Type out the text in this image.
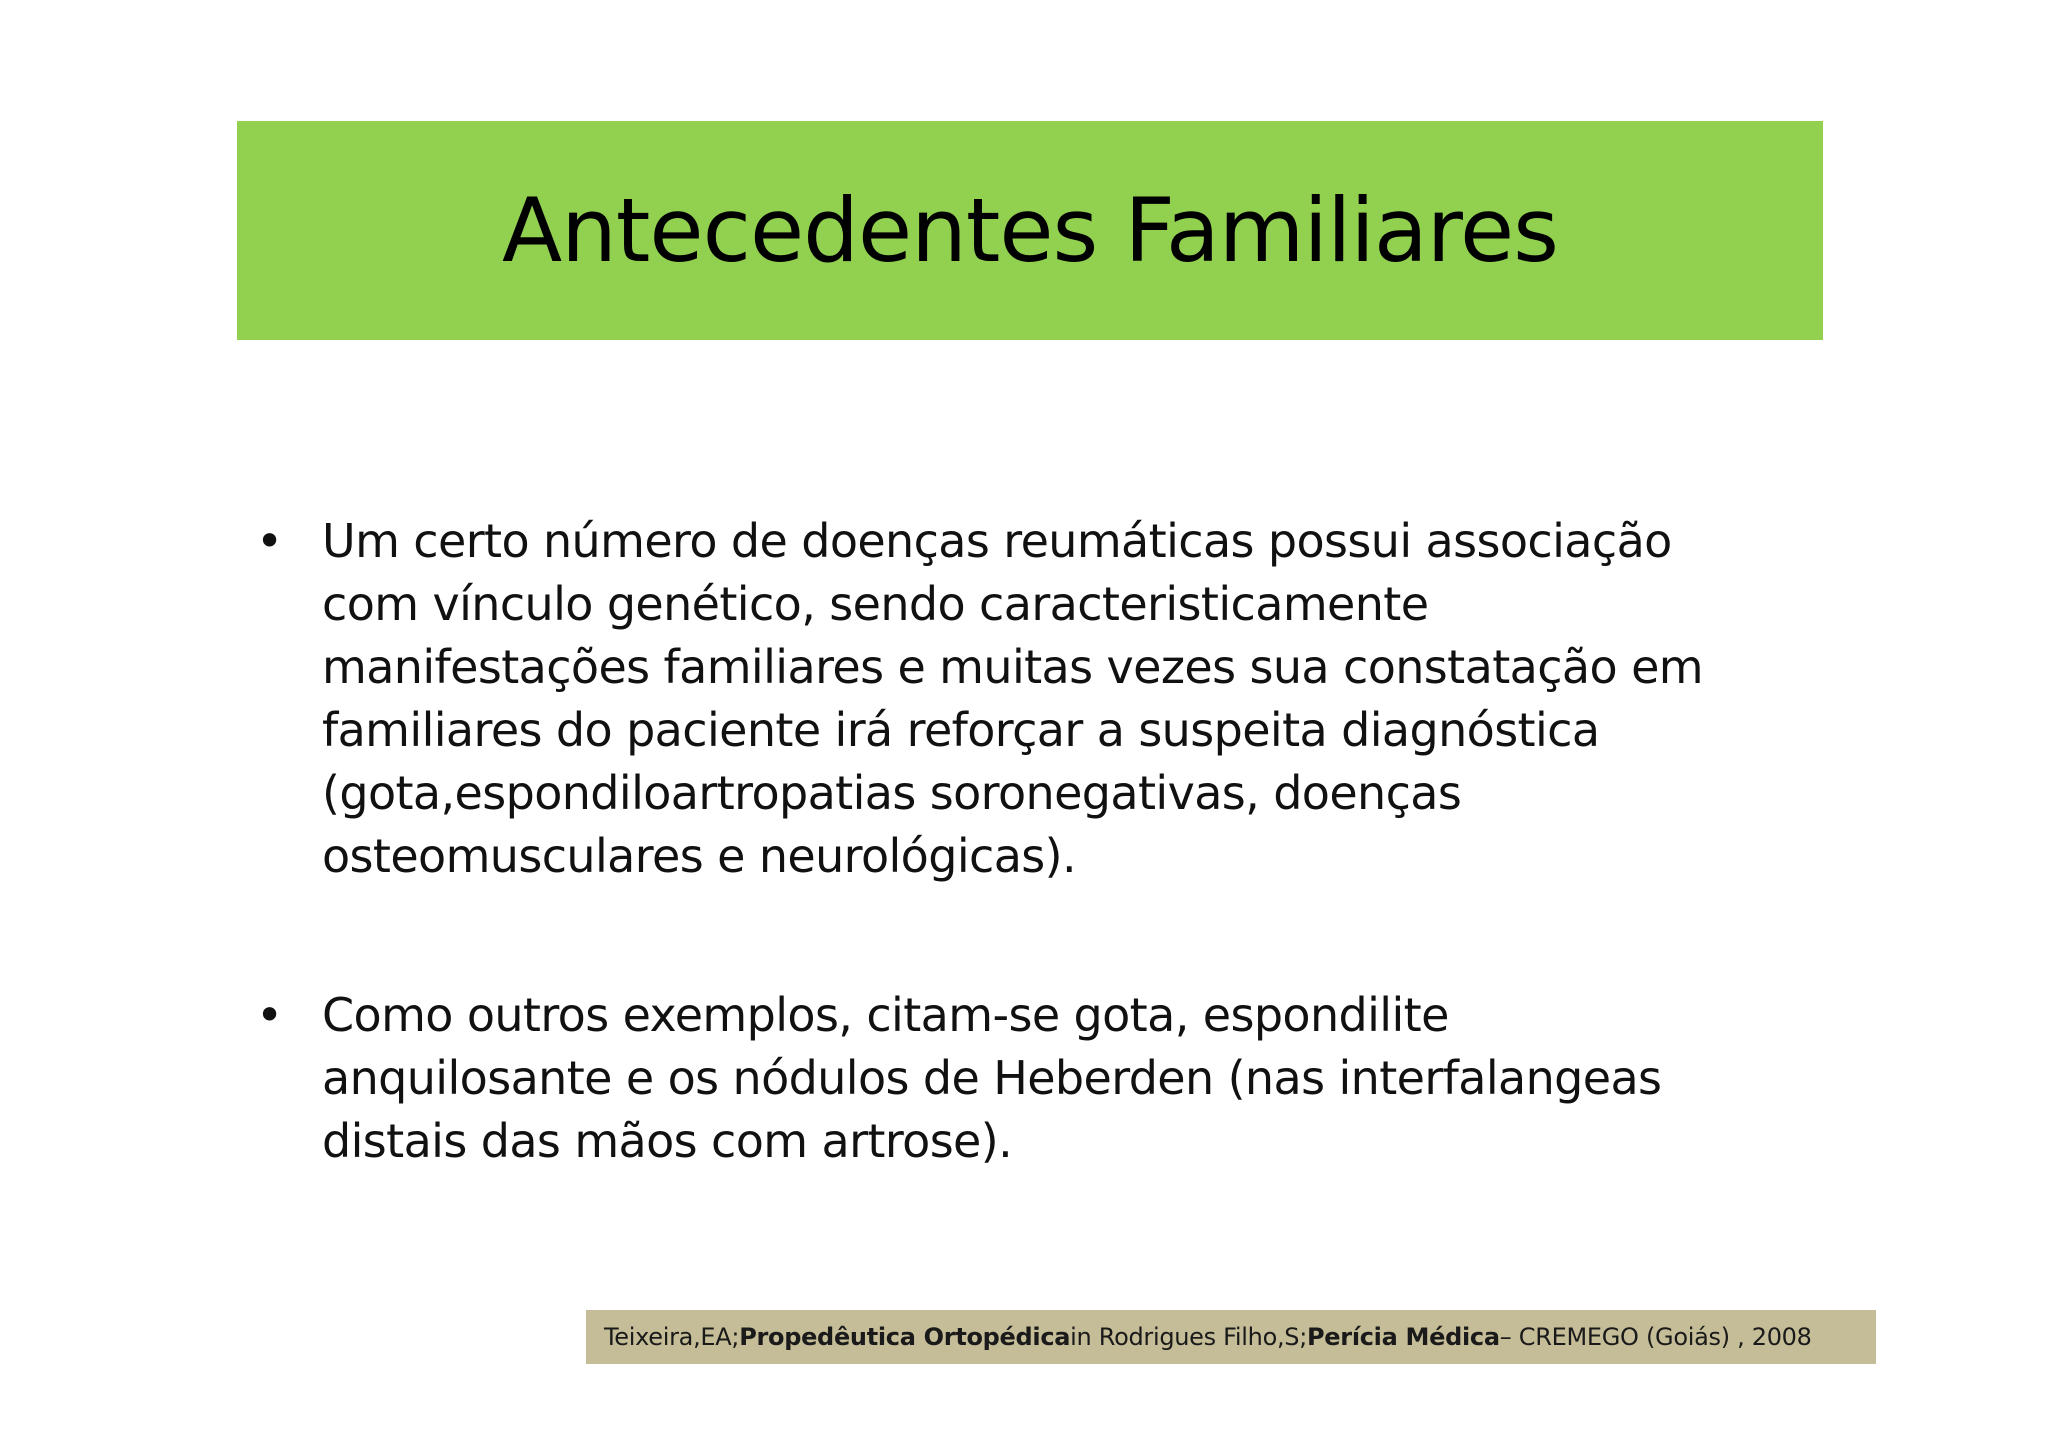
Antecedentes Familiares
• Um certo número de doenças reumáticas possui associação
com vínculo genético, sendo caracteristicamente
manifestações familiares e muitas vezes sua constatação em
familiares do paciente irá reforçar a suspeita diagnóstica
(gota,espondiloartropatias soronegativas, doenças
osteomusculares e neurológicas).
• Como outros exemplos, citam-se gota, espondilite
anquilosante e os nódulos de Heberden (nas interfalangeas
distais das mãos com artrose).
Teixeira,EA; Propedêutica Ortopédica in Rodrigues Filho,S; Perícia Médica – CREMEGO (Goiás) , 2008
